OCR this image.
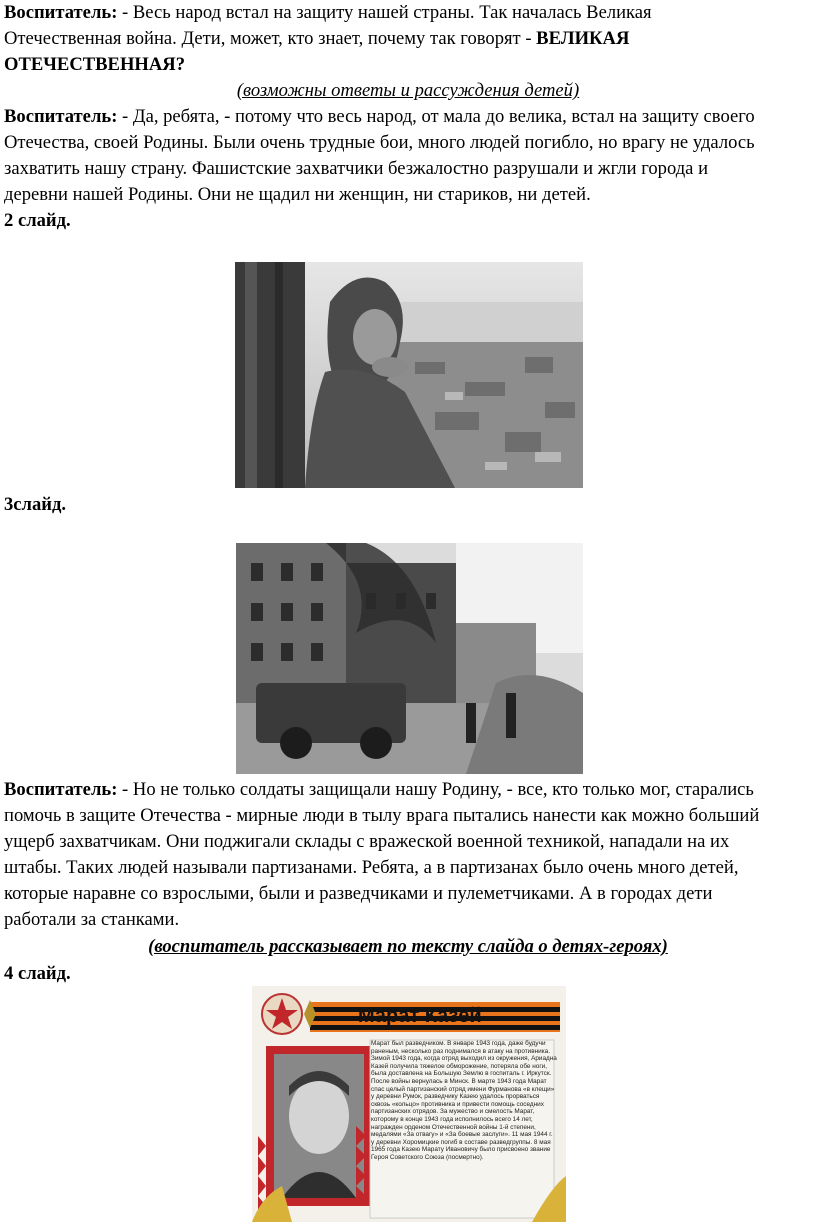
Воспитатель: - Весь народ встал на защиту нашей страны. Так началась Великая
Отечественная война. Дети, может, кто знает, почему так говорят - ВЕЛИКАЯ
ОТЕЧЕСТВЕННАЯ?
(возможны ответы и рассуждения детей)
Воспитатель: - Да, ребята, - потому что весь народ, от мала до велика, встал на защиту своего
Отечества, своей Родины. Были очень трудные бои, много людей погибло, но врагу не удалось
захватить нашу страну. Фашистские захватчики безжалостно разрушали и жгли города и
деревни нашей Родины. Они не щадил ни женщин, ни стариков, ни детей.
2 слайд.
3слайд.
Воспитатель: - Но не только солдаты защищали нашу Родину, - все, кто только мог, старались
помочь в защите Отечества - мирные люди в тылу врага пытались нанести как можно больший
ущерб захватчикам. Они поджигали склады с вражеской военной техникой, нападали на их
штабы. Таких людей называли партизанами. Ребята, а в партизанах было очень много детей,
которые наравне со взрослыми, были и разведчиками и пулеметчиками. А в городах дети
работали за станками.
(воспитатель рассказывает по тексту слайда о детях-героях)
4 слайд.
Марат Казей
Марат был разведчиком. В январе 1943 года, даже будучи раненым, несколько раз поднимался в атаку на противника. Зимой 1943 года, когда отряд выходил из окружения, Ариадна Казей получила тяжелое обморожение, потеряла обе ноги, была доставлена на Большую Землю в госпиталь г. Иркутск. После войны вернулась в Минск. В марте 1943 года Марат спас целый партизанский отряд имени Фурманова «в клещи» у деревни Румок, разведчику Казею удалось прорваться сквозь «кольцо» противника и привести помощь соседних партизанских отрядов. За мужество и смелость Марат, которому в конце 1943 года исполнилось всего 14 лет, награжден орденом Отечественной войны 1-й степени, медалями «За отвагу» и «За боевые заслуги». 11 мая 1944 г. у деревни Хоромицкие погиб в составе разведгруппы. 8 мая 1965 года Казею Марату Ивановичу было присвоено звание Героя Советского Союза (посмертно).
